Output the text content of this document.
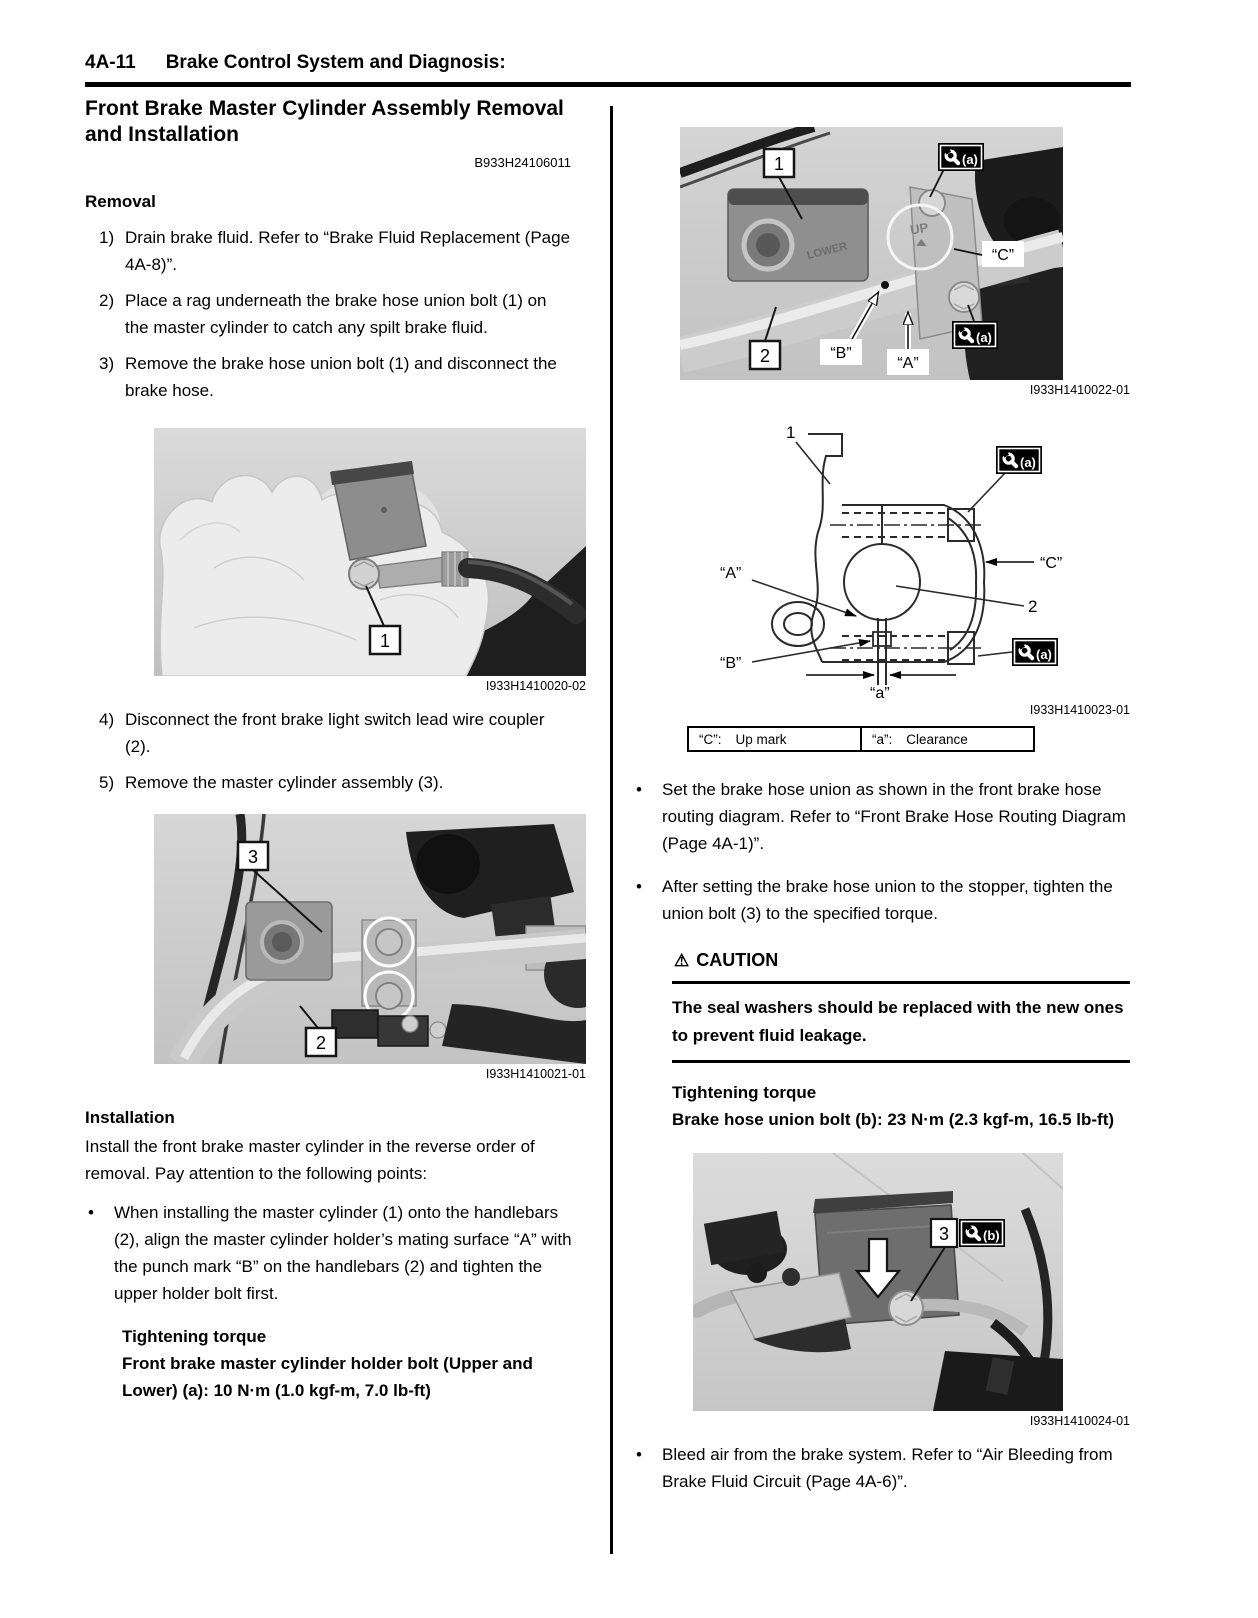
4A-11 Brake Control System and Diagnosis:
Front Brake Master Cylinder Assembly Removal and Installation
B933H24106011
Removal
1) Drain brake fluid. Refer to “Brake Fluid Replacement (Page 4A-8)”.
2) Place a rag underneath the brake hose union bolt (1) on the master cylinder to catch any spilt brake fluid.
3) Remove the brake hose union bolt (1) and disconnect the brake hose.
1
I933H1410020-02
4) Disconnect the front brake light switch lead wire coupler (2).
5) Remove the master cylinder assembly (3).
3
2
I933H1410021-01
Installation
Install the front brake master cylinder in the reverse order of removal. Pay attention to the following points:
•	When installing the master cylinder (1) onto the handlebars (2), align the master cylinder holder’s mating surface “A” with the punch mark “B” on the handlebars (2) and tighten the upper holder bolt first.
Tightening torque
Front brake master cylinder holder bolt (Upper and Lower) (a): 10 N·m (1.0 kgf-m, 7.0 lb-ft)
LOWER
UP
1
2	“B”
“A”
“C”
(a)
(a)
I933H1410022-01
1
“A”
“B”
“C”
2
“a”
(a)
(a)
I933H1410023-01
“C”: Up mark	“a”: Clearance
•	Set the brake hose union as shown in the front brake hose routing diagram. Refer to “Front Brake Hose Routing Diagram (Page 4A-1)”.
•	After setting the brake hose union to the stopper, tighten the union bolt (3) to the specified torque.
⚠ CAUTION
The seal washers should be replaced with the new ones to prevent fluid leakage.
Tightening torque
Brake hose union bolt (b): 23 N·m (2.3 kgf-m, 16.5 lb-ft)
3	(b)
I933H1410024-01
•	Bleed air from the brake system. Refer to “Air Bleeding from Brake Fluid Circuit (Page 4A-6)”.
